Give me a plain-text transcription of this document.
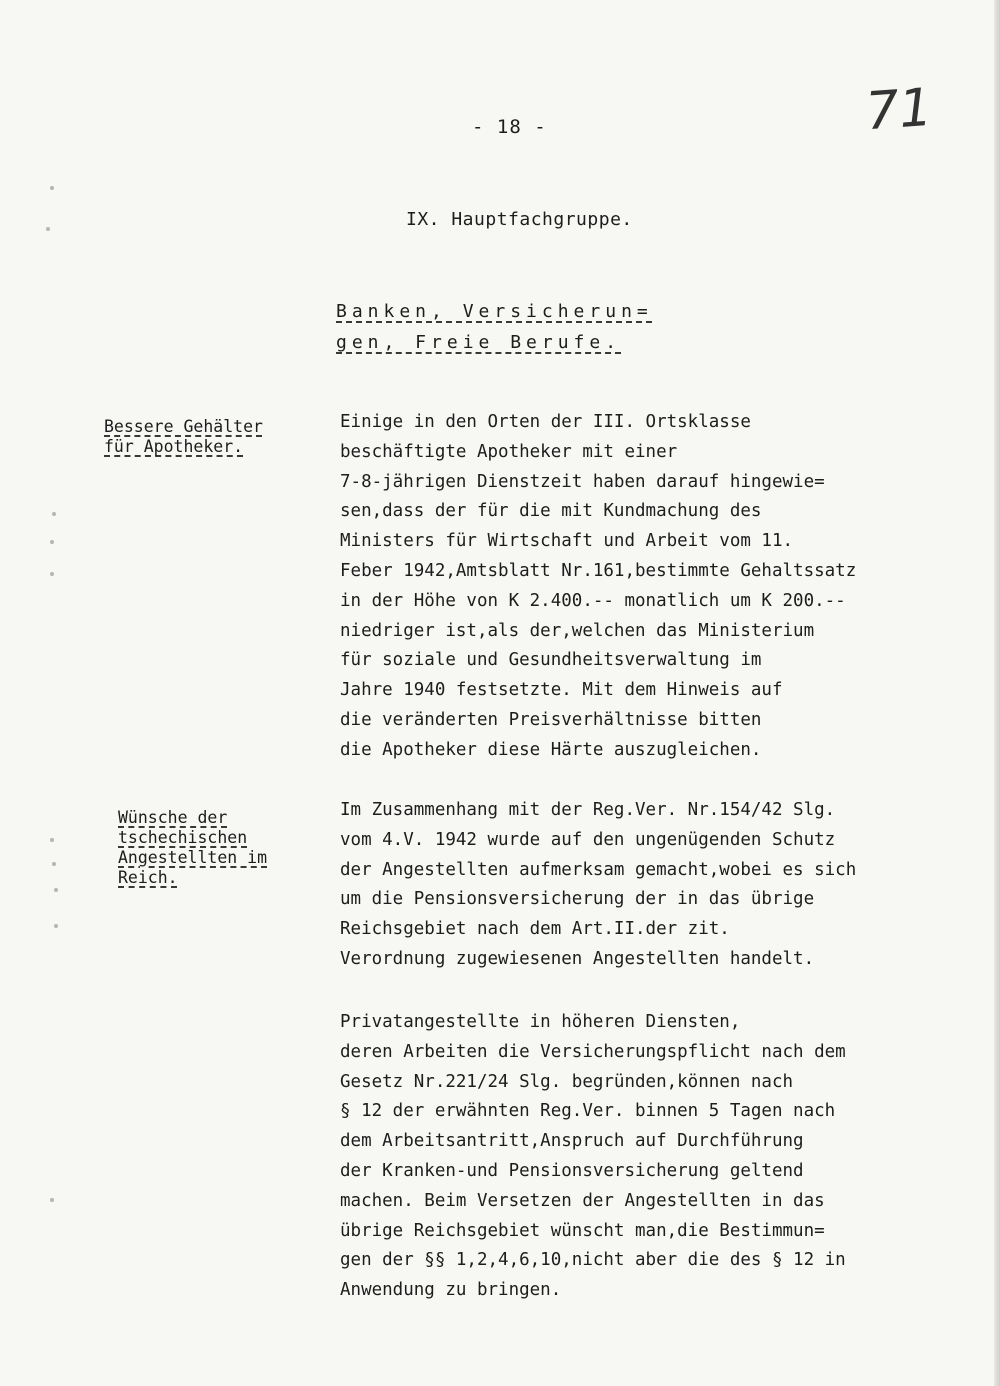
- 18 -	71
IX. Hauptfachgruppe.
Banken, Versicherun=
gen, Freie Berufe.
Bessere Gehälter
für Apotheker.
Einige in den Orten der III. Ortsklasse
beschäftigte Apotheker mit einer
7-8-jährigen Dienstzeit haben darauf hingewie=
sen,dass der für die mit Kundmachung des
Ministers für Wirtschaft und Arbeit vom 11.
Feber 1942,Amtsblatt Nr.161,bestimmte Gehaltssatz
in der Höhe von K 2.400.-- monatlich um K 200.--
niedriger ist,als der,welchen das Ministerium
für soziale und Gesundheitsverwaltung im
Jahre 1940 festsetzte. Mit dem Hinweis auf
die veränderten Preisverhältnisse bitten
die Apotheker diese Härte auszugleichen.
Wünsche der
tschechischen
Angestellten im
Reich.
Im Zusammenhang mit der Reg.Ver. Nr.154/42 Slg.
vom 4.V. 1942 wurde auf den ungenügenden Schutz
der Angestellten aufmerksam gemacht,wobei es sich
um die Pensionsversicherung der in das übrige
Reichsgebiet nach dem Art.II.der zit.
Verordnung zugewiesenen Angestellten handelt.
Privatangestellte in höheren Diensten,
deren Arbeiten die Versicherungspflicht nach dem
Gesetz Nr.221/24 Slg. begründen,können nach
§ 12 der erwähnten Reg.Ver. binnen 5 Tagen nach
dem Arbeitsantritt,Anspruch auf Durchführung
der Kranken-und Pensionsversicherung geltend
machen. Beim Versetzen der Angestellten in das
übrige Reichsgebiet wünscht man,die Bestimmun=
gen der §§ 1,2,4,6,10,nicht aber die des § 12 in
Anwendung zu bringen.
